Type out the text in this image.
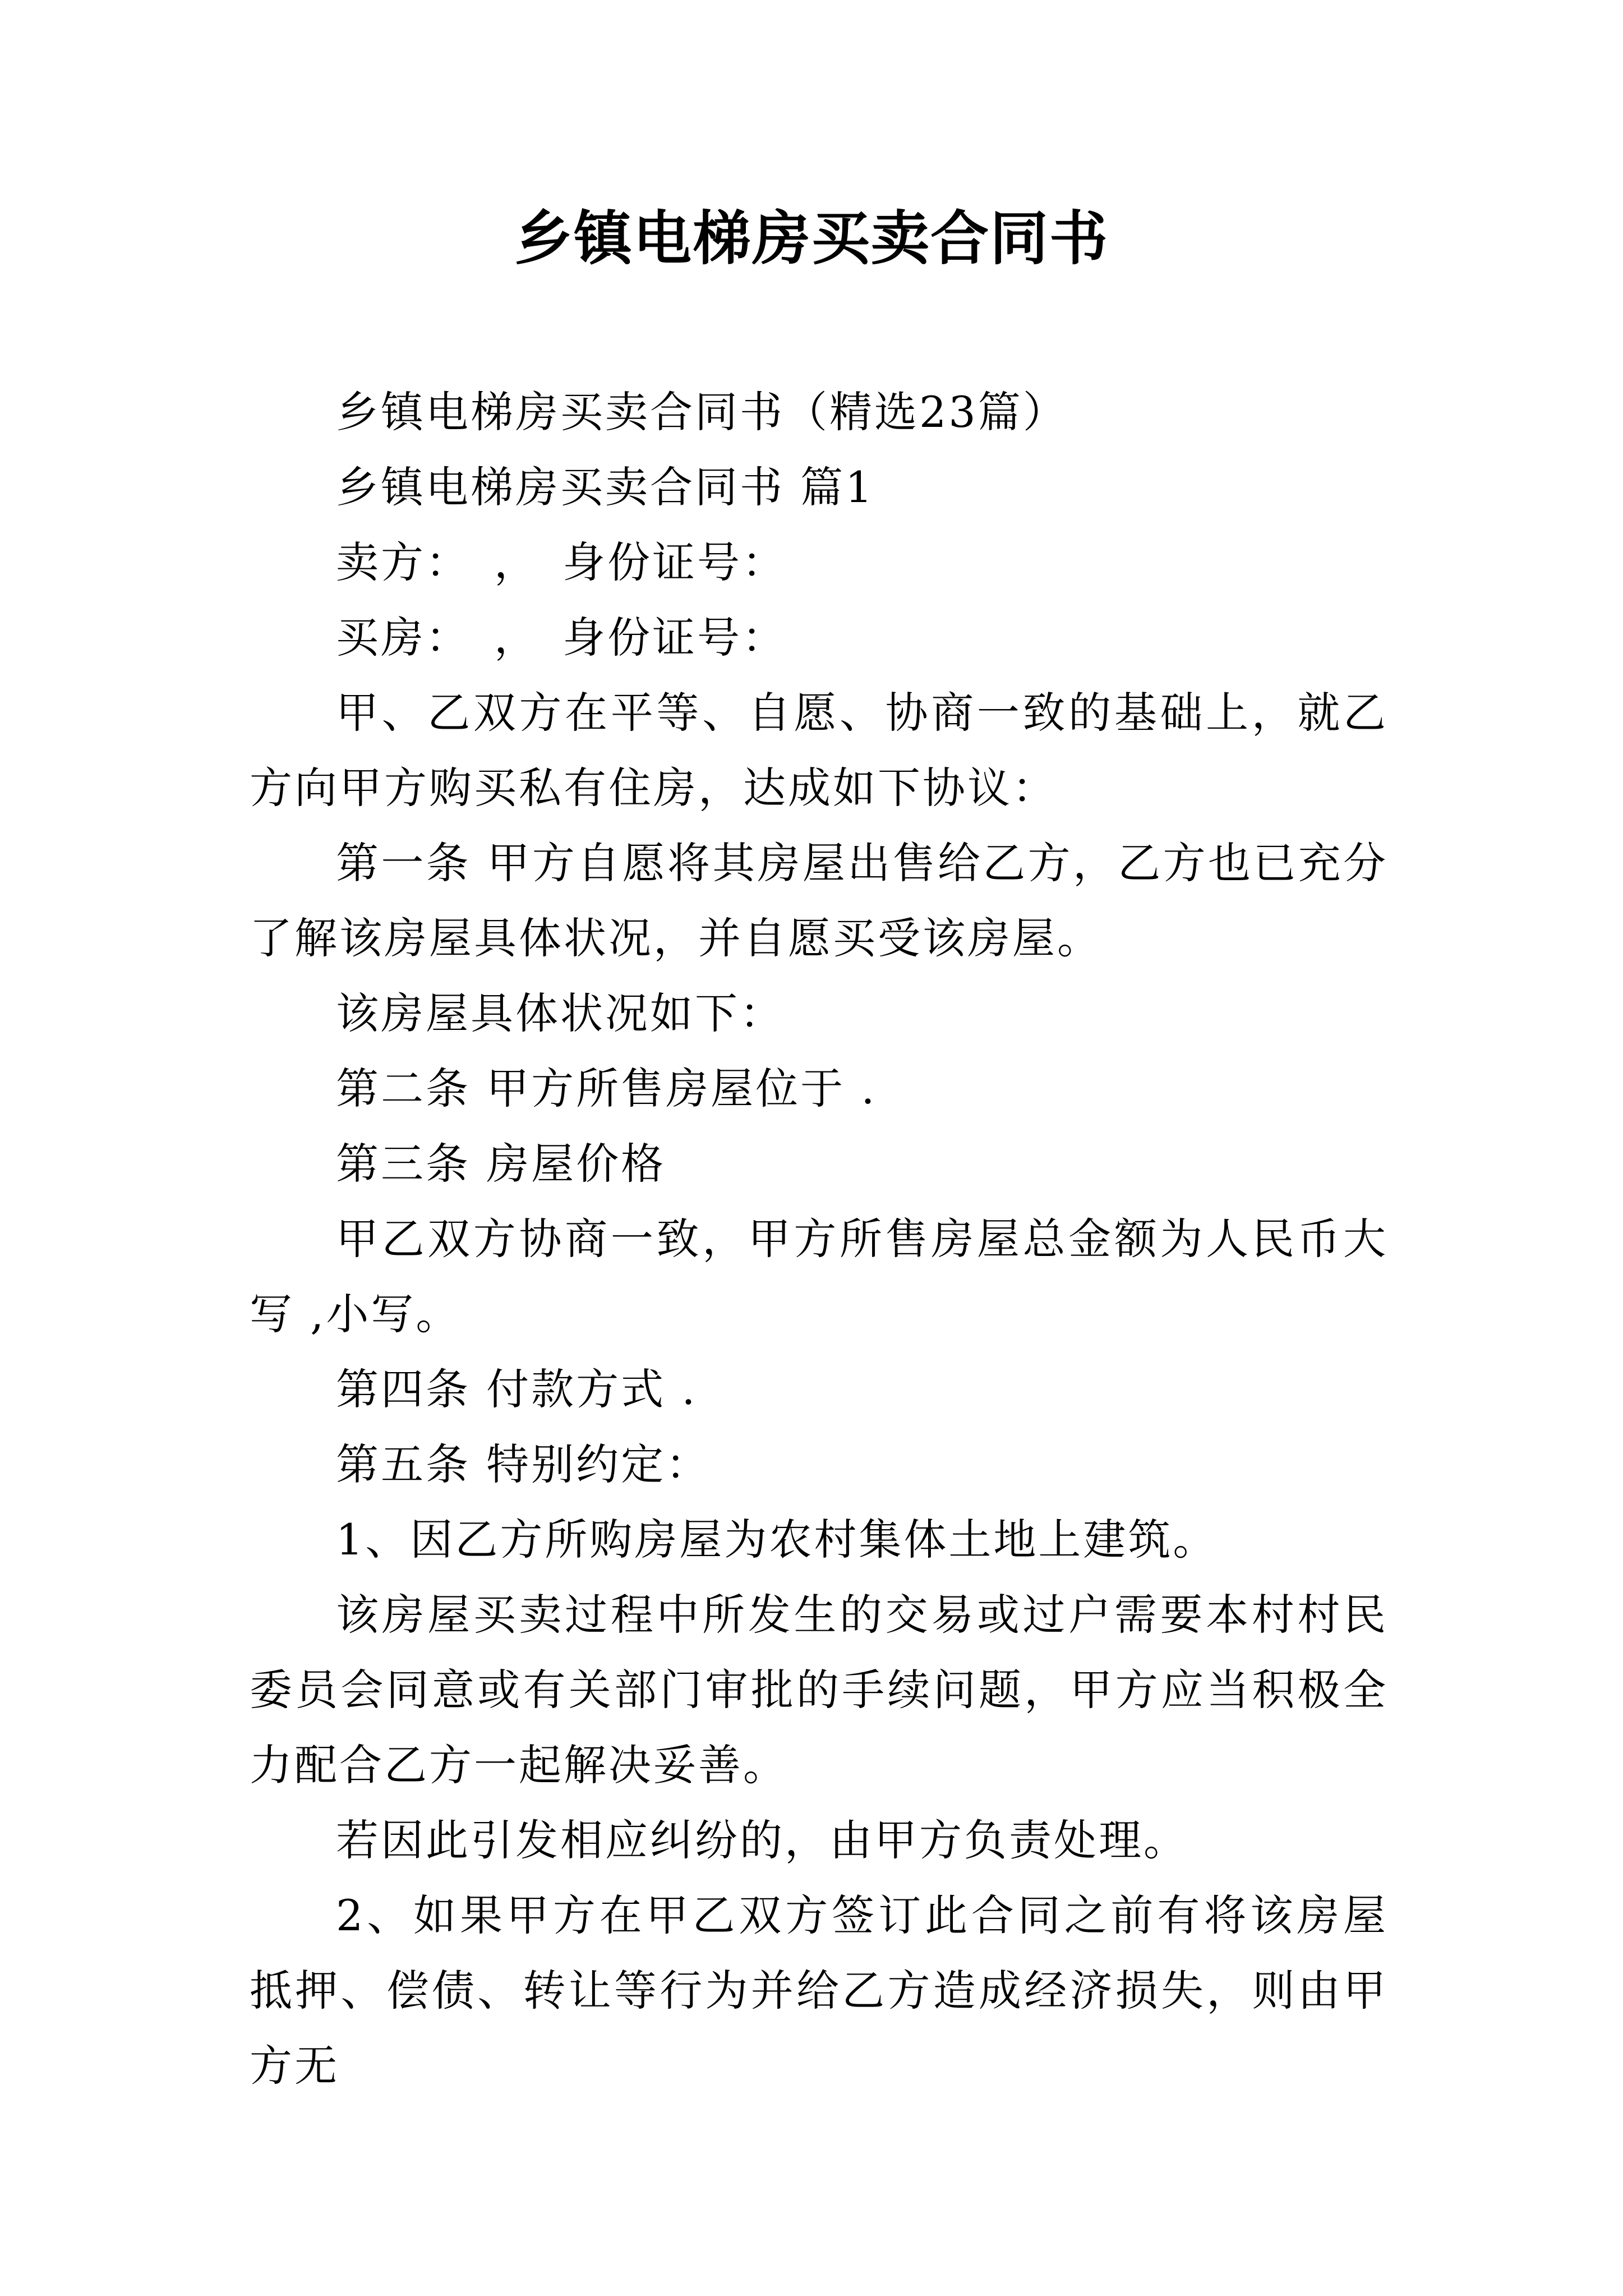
乡镇电梯房买卖合同书

乡镇电梯房买卖合同书（精选23篇）

乡镇电梯房买卖合同书 篇1

卖方：　，　身份证号：

买房：　，　身份证号：

甲、乙双方在平等、自愿、协商一致的基础上，就乙方向甲方购买私有住房，达成如下协议：

第一条 甲方自愿将其房屋出售给乙方，乙方也已充分了解该房屋具体状况，并自愿买受该房屋。

该房屋具体状况如下：

第二条 甲方所售房屋位于 .

第三条 房屋价格

甲乙双方协商一致，甲方所售房屋总金额为人民币大写 ,小写。

第四条 付款方式 .

第五条 特别约定：

1、因乙方所购房屋为农村集体土地上建筑。

该房屋买卖过程中所发生的交易或过户需要本村村民委员会同意或有关部门审批的手续问题，甲方应当积极全力配合乙方一起解决妥善。

若因此引发相应纠纷的，由甲方负责处理。

2、如果甲方在甲乙双方签订此合同之前有将该房屋抵押、偿债、转让等行为并给乙方造成经济损失，则由甲方无
